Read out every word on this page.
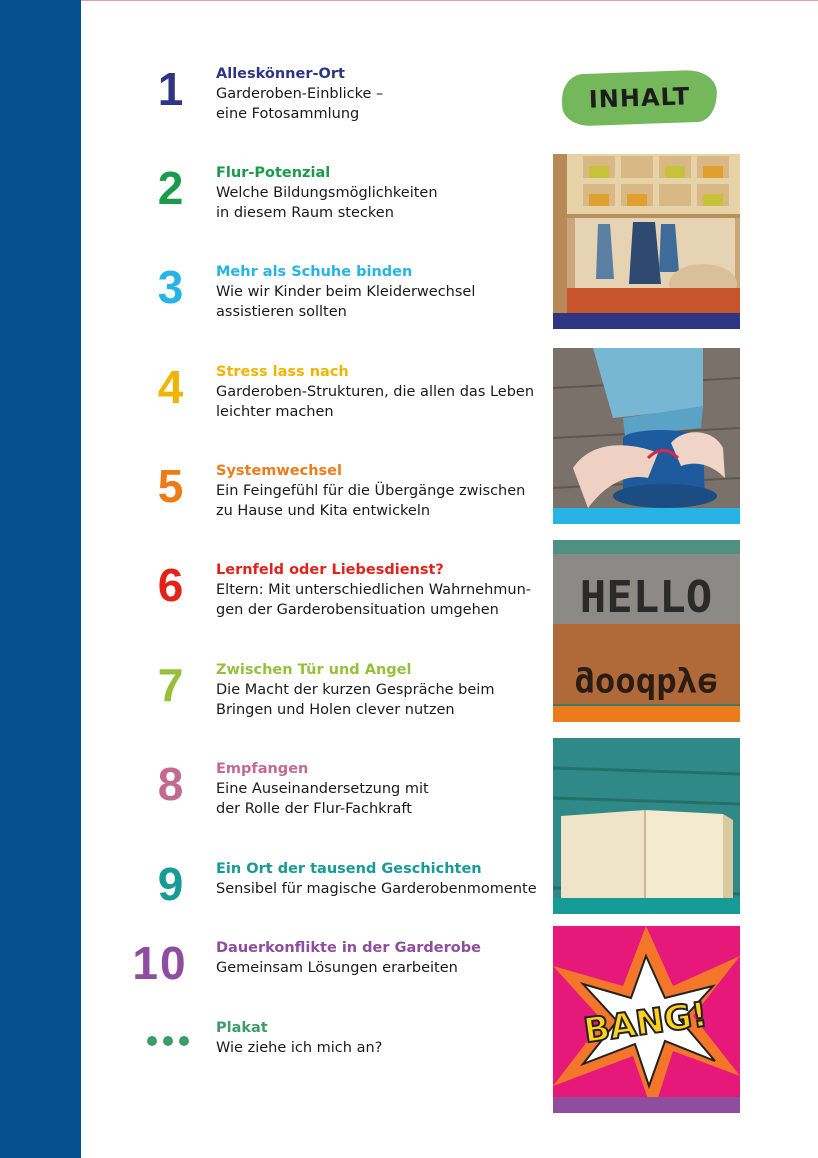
INHALT
1	Alleskönner-Ort
Garderoben-Einblicke –
eine Fotosammlung
2	Flur-Potenzial
Welche Bildungsmöglichkeiten
in diesem Raum stecken
3	Mehr als Schuhe binden
Wie wir Kinder beim Kleiderwechsel
assistieren sollten
4	Stress lass nach
Garderoben-Strukturen, die allen das Leben
leichter machen
5	Systemwechsel
Ein Feingefühl für die Übergänge zwischen
zu Hause und Kita entwickeln
6	Lernfeld oder Liebesdienst?
Eltern: Mit unterschiedlichen Wahrnehmun-
gen der Garderobensituation umgehen
7	Zwischen Tür und Angel
Die Macht der kurzen Gespräche beim
Bringen und Holen clever nutzen
8	Empfangen
Eine Auseinandersetzung mit
der Rolle der Flur-Fachkraft
9	Ein Ort der tausend Geschichten
Sensibel für magische Garderobenmomente
10	Dauerkonflikte in der Garderobe
Gemeinsam Lösungen erarbeiten
Plakat
Wie ziehe ich mich an?
HELLO
goodbye
BANG!
